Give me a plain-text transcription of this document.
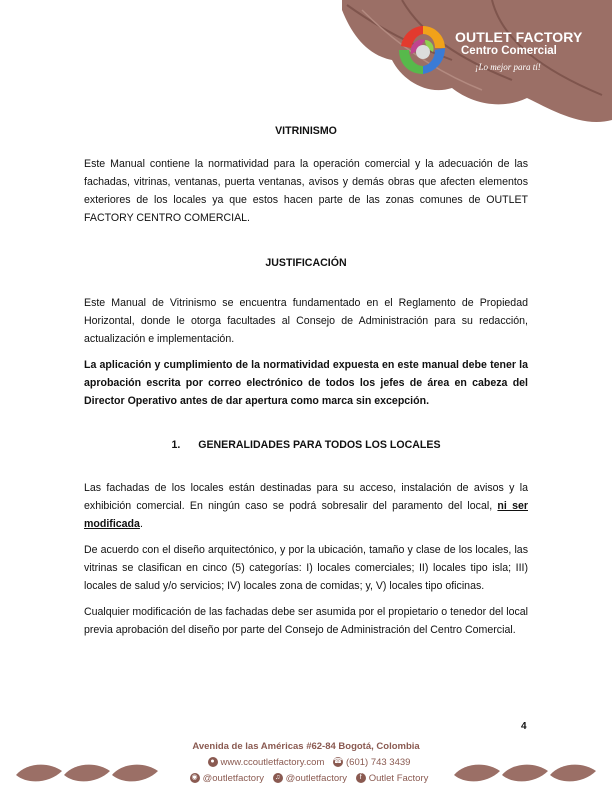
OUTLET FACTORY
Centro Comercial
¡Lo mejor para tí!

VITRINISMO

Este Manual contiene la normatividad para la operación comercial y la adecuación de las fachadas, vitrinas, ventanas, puerta ventanas, avisos y demás obras que afecten elementos exteriores de los locales ya que estos hacen parte de las zonas comunes de OUTLET FACTORY CENTRO COMERCIAL.

JUSTIFICACIÓN

Este Manual de Vitrinismo se encuentra fundamentado en el Reglamento de Propiedad Horizontal, donde le otorga facultades al Consejo de Administración para su redacción, actualización e implementación.

La aplicación y cumplimiento de la normatividad expuesta en este manual debe tener la aprobación escrita por correo electrónico de todos los jefes de área en cabeza del Director Operativo antes de dar apertura como marca sin excepción.

1. GENERALIDADES PARA TODOS LOS LOCALES

Las fachadas de los locales están destinadas para su acceso, instalación de avisos y la exhibición comercial. En ningún caso se podrá sobresalir del paramento del local, ni ser modificada.

De acuerdo con el diseño arquitectónico, y por la ubicación, tamaño y clase de los locales, las vitrinas se clasifican en cinco (5) categorías: I) locales comerciales; II) locales tipo isla; III) locales de salud y/o servicios; IV) locales zona de comidas; y, V) locales tipo oficinas.

Cualquier modificación de las fachadas debe ser asumida por el propietario o tenedor del local previa aprobación del diseño por parte del Consejo de Administración del Centro Comercial.

4
Avenida de las Américas #62-84 Bogotá, Colombia
● www.ccoutletfactory.com ☎ (601) 743 3439
◉ @outletfactory ♫ @outletfactory f Outlet Factory
